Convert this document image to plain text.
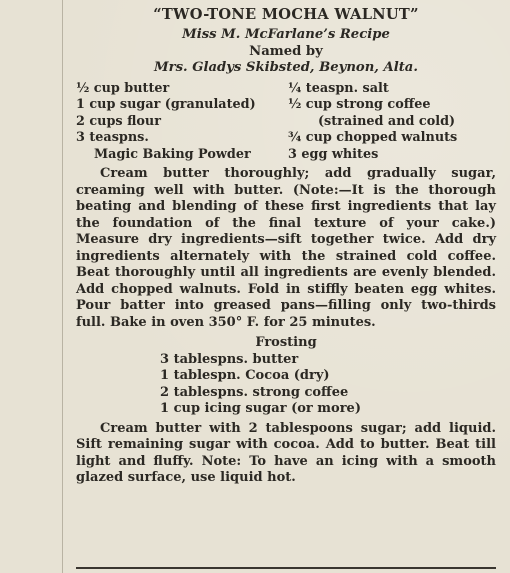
“TWO-TONE MOCHA WALNUT”
Miss M. McFarlane’s Recipe
Named by
Mrs. Gladys Skibsted, Beynon, Alta.
½ cup butter
1 cup sugar (granulated)
2 cups flour
3 teaspns.
Magic Baking Powder
¼ teaspn. salt
½ cup strong coffee
(strained and cold)
¾ cup chopped walnuts
3 egg whites

Cream butter thoroughly; add gradually sugar, creaming well with butter. (Note:—It is the thorough beating and blending of these first ingredients that lay the foundation of the final texture of your cake.) Measure dry ingredients—sift together twice. Add dry ingredients alternately with the strained cold coffee. Beat thoroughly until all ingredients are evenly blended. Add chopped walnuts. Fold in stiffly beaten egg whites. Pour batter into greased pans—filling only two-thirds full. Bake in oven 350° F. for 25 minutes.

Frosting
3 tablespns. butter
1 tablespn. Cocoa (dry)
2 tablespns. strong coffee
1 cup icing sugar (or more)

Cream butter with 2 tablespoons sugar; add liquid. Sift remaining sugar with cocoa. Add to butter. Beat till light and fluffy. Note: To have an icing with a smooth glazed surface, use liquid hot.
